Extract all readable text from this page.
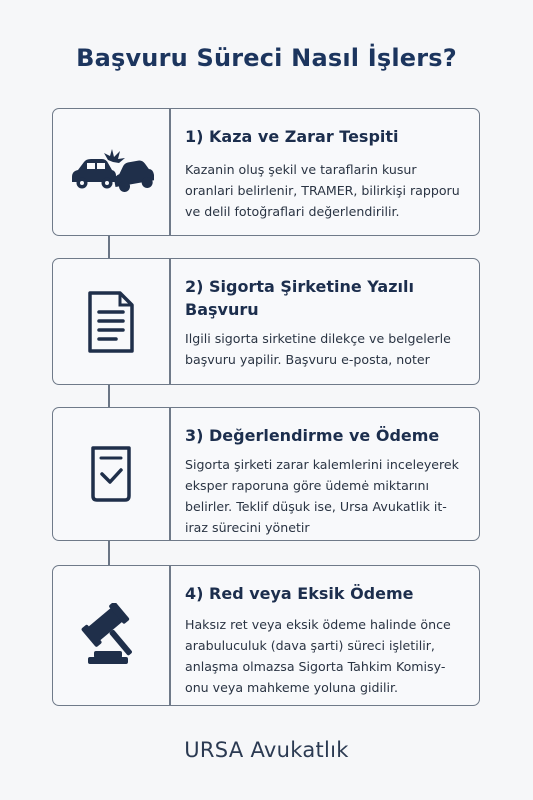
Başvuru Süreci Nasıl İşlers?
1) Kaza ve Zarar Tespiti
Kazanin oluş şekil ve taraflarin kusur oranlari belirlenir, TRAMER, bilirkişi rapporu ve delil fotoğraflari değerlendirilir.
2) Sigorta Şirketine Yazılı Başvuru
Ilgili sigorta sirketine dilekçe ve belgelerle başvuru yapilir. Başvuru e-posta, noter
3) Değerlendirme ve Ödeme
Sigorta şirketi zarar kalemlerini inceleyerek eksper raporuna göre üdemė miktarını belirler. Teklif düşuk ise, Ursa Avukatlik it-iraz sürecini yönetir
4) Red veya Eksik Ödeme
Haksız ret veya eksik ödeme halinde önce arabuluculuk (dava şarti) süreci işletilir, anlaşma olmazsa Sigorta Tahkim Komisy-onu veya mahkeme yoluna gidilir.
URSA Avukatlık
